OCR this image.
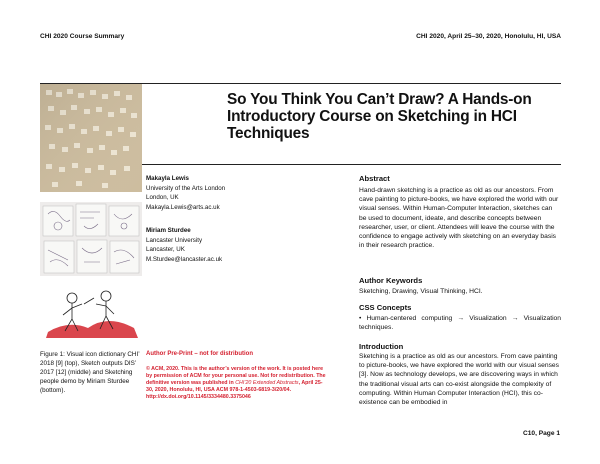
CHI 2020 Course Summary	CHI 2020, April 25–30, 2020, Honolulu, HI, USA
So You Think You Can’t Draw? A Hands-on Introductory Course on Sketching in HCI Techniques
Makayla Lewis
University of the Arts London
London, UK
Makayla.Lewis@arts.ac.uk
Miriam Sturdee
Lancaster University
Lancaster, UK
M.Sturdee@lancaster.ac.uk
Figure 1: Visual icon dictionary CHI’ 2018 [9] (top), Sketch outputs DIS’ 2017 [12] (middle) and Sketching people demo by Miriam Sturdee (bottom).
Author Pre-Print – not for distribution
© ACM, 2020. This is the author’s version of the work. It is posted here by permission of ACM for your personal use. Not for redistribution. The definitive version was published in CHI’20 Extended Abstracts, April 25-30, 2020, Honolulu, HI, USA ACM 978-1-4503-6819-3/20/04. http://dx.doi.org/10.1145/3334480.3375046
Abstract
Hand-drawn sketching is a practice as old as our ancestors. From cave painting to picture-books, we have explored the world with our visual senses. Within Human-Computer Interaction, sketches can be used to document, ideate, and describe concepts between researcher, user, or client. Attendees will leave the course with the confidence to engage actively with sketching on an everyday basis in their research practice.
Author Keywords
Sketching, Drawing, Visual Thinking, HCI.
CSS Concepts
• Human-centered computing → Visualization → Visualization techniques.
Introduction
Sketching is a practice as old as our ancestors. From cave painting to picture-books, we have explored the world with our visual senses [3]. Now as technology develops, we are discovering ways in which the traditional visual arts can co-exist alongside the complexity of computing. Within Human Computer Interaction (HCI), this co-existence can be embodied in
C10, Page 1
